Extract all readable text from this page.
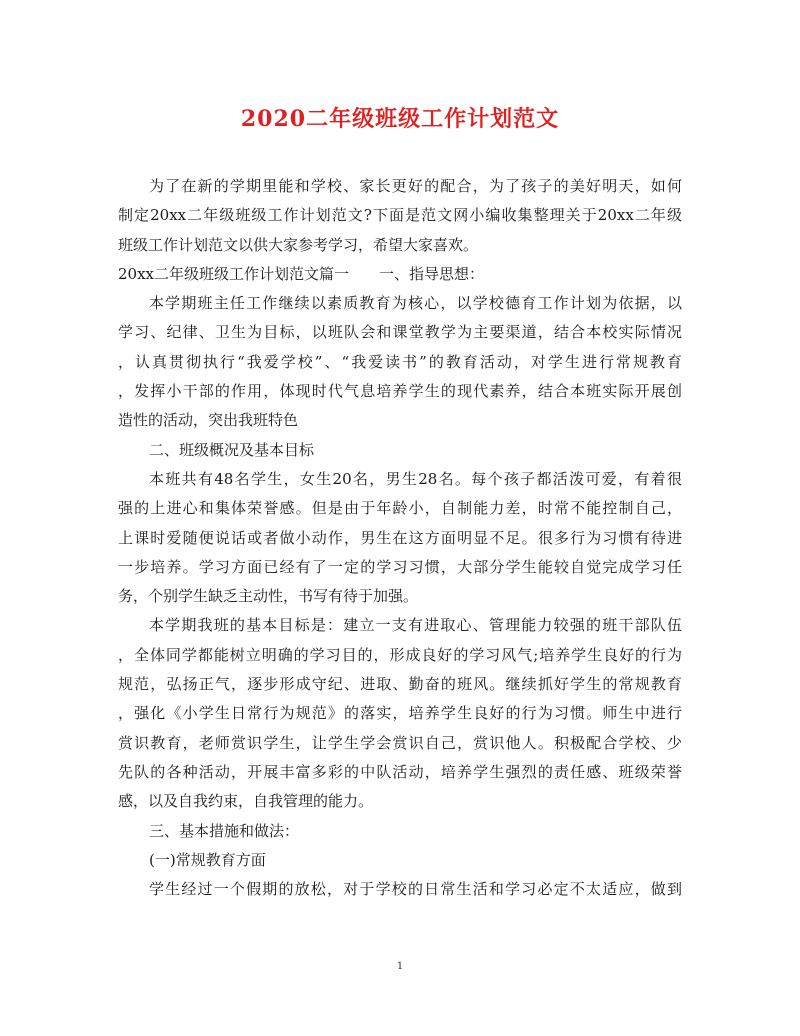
2020二年级班级工作计划范文
为了在新的学期里能和学校、家长更好的配合，为了孩子的美好明天，如何
制定20xx二年级班级工作计划范文?下面是范文网小编收集整理关于20xx二年级
班级工作计划范文以供大家参考学习，希望大家喜欢。
20xx二年级班级工作计划范文篇一　　一、指导思想：
本学期班主任工作继续以素质教育为核心，以学校德育工作计划为依据，以
学习、纪律、卫生为目标，以班队会和课堂教学为主要渠道，结合本校实际情况
，认真贯彻执行“我爱学校”、“我爱读书”的教育活动，对学生进行常规教育
，发挥小干部的作用，体现时代气息培养学生的现代素养，结合本班实际开展创
造性的活动，突出我班特色
二、班级概况及基本目标
本班共有48名学生，女生20名，男生28名。每个孩子都活泼可爱，有着很
强的上进心和集体荣誉感。但是由于年龄小，自制能力差，时常不能控制自己，
上课时爱随便说话或者做小动作，男生在这方面明显不足。很多行为习惯有待进
一步培养。学习方面已经有了一定的学习习惯，大部分学生能较自觉完成学习任
务，个别学生缺乏主动性，书写有待于加强。
本学期我班的基本目标是：建立一支有进取心、管理能力较强的班干部队伍
，全体同学都能树立明确的学习目的，形成良好的学习风气;培养学生良好的行为
规范，弘扬正气，逐步形成守纪、进取、勤奋的班风。继续抓好学生的常规教育
，强化《小学生日常行为规范》的落实，培养学生良好的行为习惯。师生中进行
赏识教育，老师赏识学生，让学生学会赏识自己，赏识他人。积极配合学校、少
先队的各种活动，开展丰富多彩的中队活动，培养学生强烈的责任感、班级荣誉
感，以及自我约束，自我管理的能力。
三、基本措施和做法：
(一)常规教育方面
学生经过一个假期的放松，对于学校的日常生活和学习必定不太适应，做到
1
